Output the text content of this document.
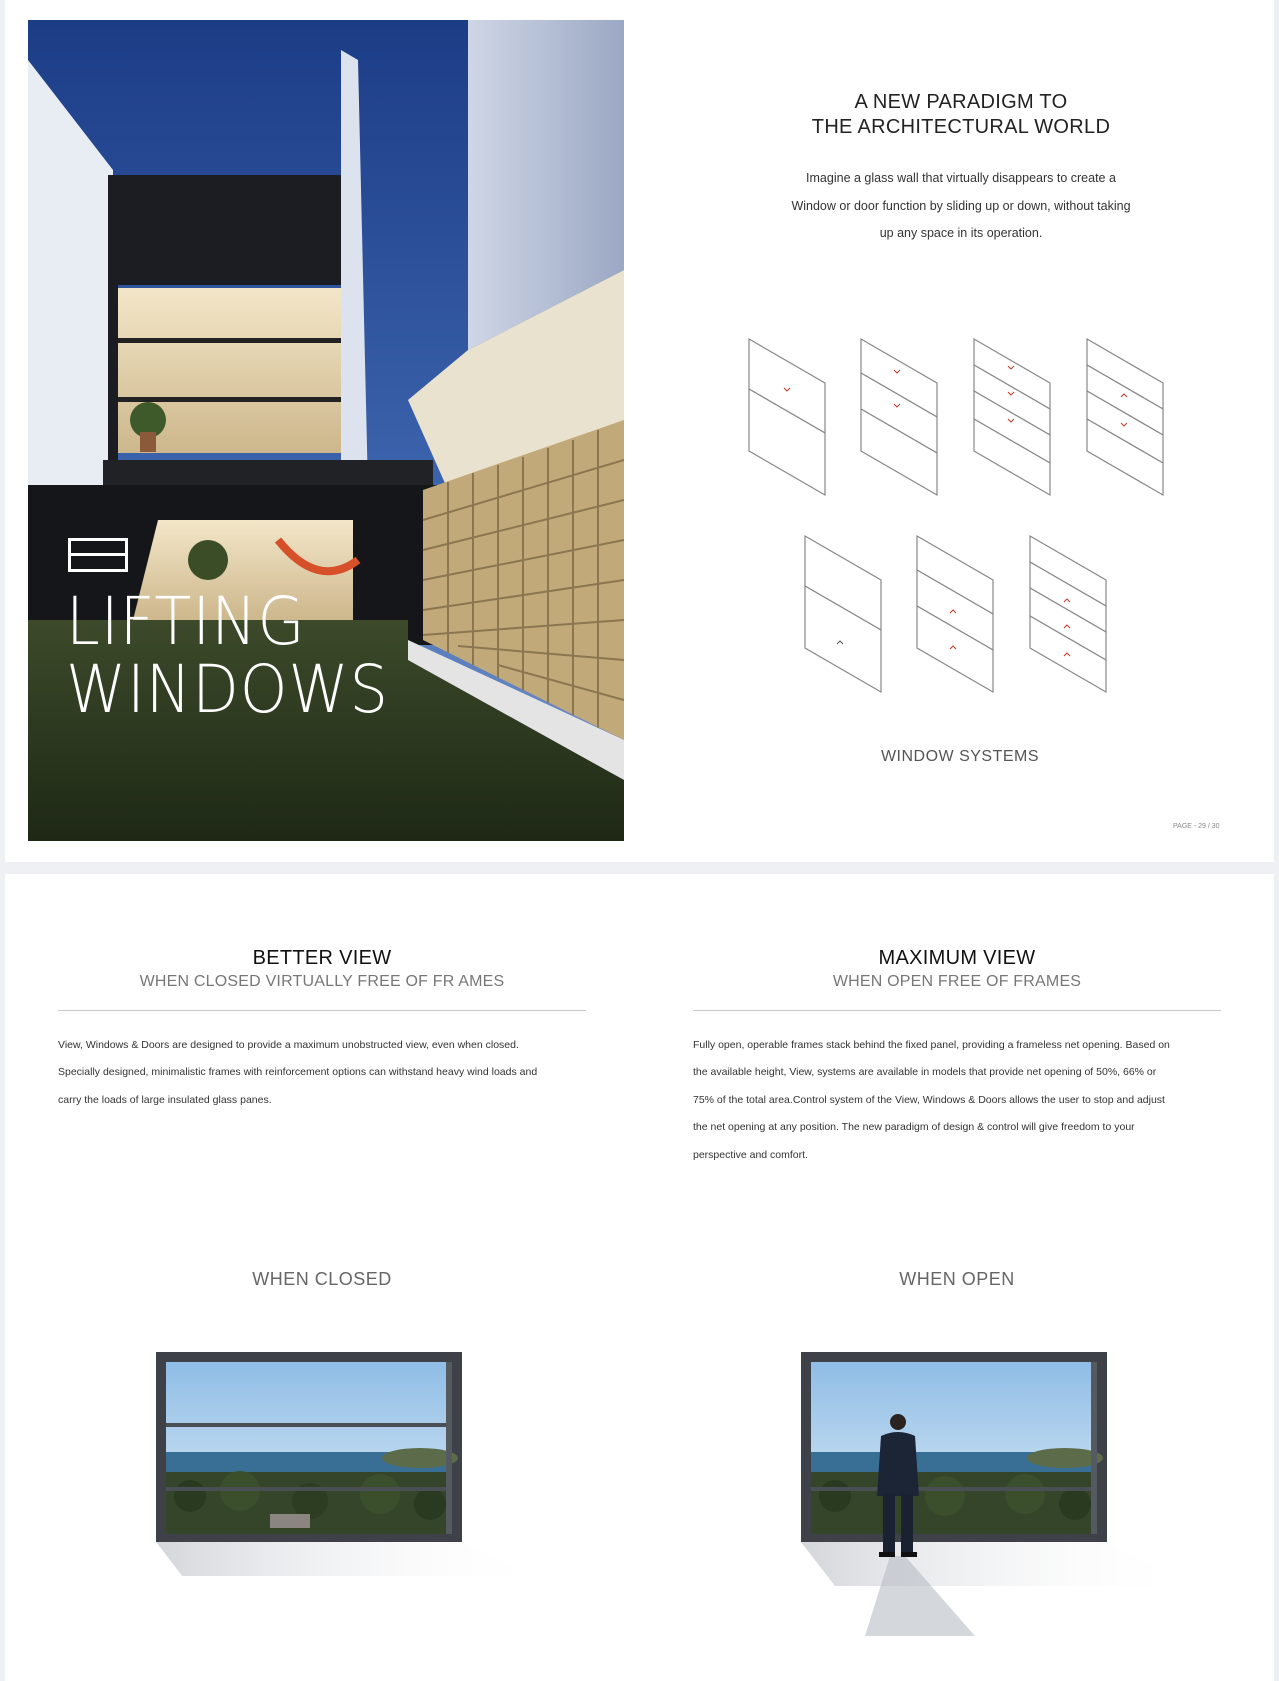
LIFTING
WINDOWS
A NEW PARADIGM TO
THE ARCHITECTURAL WORLD
Imagine a glass wall that virtually disappears to create a
Window or door function by sliding up or down, without taking
up any space in its operation.
WINDOW SYSTEMS
PAGE - 29 / 30
BETTER VIEW
WHEN CLOSED VIRTUALLY FREE OF FR AMES
View, Windows & Doors are designed to provide a maximum unobstructed view, even when closed.
Specially designed, minimalistic frames with reinforcement options can withstand heavy wind loads and
carry the loads of large insulated glass panes.
MAXIMUM VIEW
WHEN OPEN FREE OF FRAMES
Fully open, operable frames stack behind the fixed panel, providing a frameless net opening. Based on
the available height, View, systems are available in models that provide net opening of 50%, 66% or
75% of the total area.Control system of the View, Windows & Doors allows the user to stop and adjust
the net opening at any position. The new paradigm of design & control will give freedom to your
perspective and comfort.
WHEN CLOSED	WHEN OPEN
